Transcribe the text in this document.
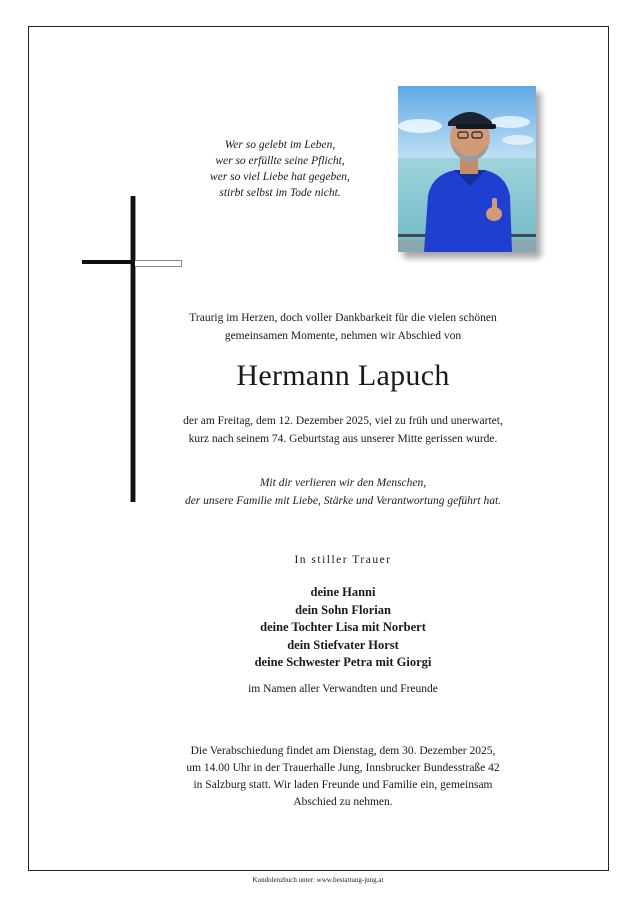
Wer so gelebt im Leben,
wer so erfüllte seine Pflicht,
wer so viel Liebe hat gegeben,
stirbt selbst im Tode nicht.
Traurig im Herzen, doch voller Dankbarkeit für die vielen schönen
gemeinsamen Momente, nehmen wir Abschied von
Hermann Lapuch
der am Freitag, dem 12. Dezember 2025, viel zu früh und unerwartet,
kurz nach seinem 74. Geburtstag aus unserer Mitte gerissen wurde.
Mit dir verlieren wir den Menschen,
der unsere Familie mit Liebe, Stärke und Verantwortung geführt hat.
In stiller Trauer
deine Hanni
dein Sohn Florian
deine Tochter Lisa mit Norbert
dein Stiefvater Horst
deine Schwester Petra mit Giorgi
im Namen aller Verwandten und Freunde
Die Verabschiedung findet am Dienstag, dem 30. Dezember 2025,
um 14.00 Uhr in der Trauerhalle Jung, Innsbrucker Bundesstraße 42
in Salzburg statt. Wir laden Freunde und Familie ein, gemeinsam
Abschied zu nehmen.
Kondolenzbuch unter: www.bestattung-jung.at
